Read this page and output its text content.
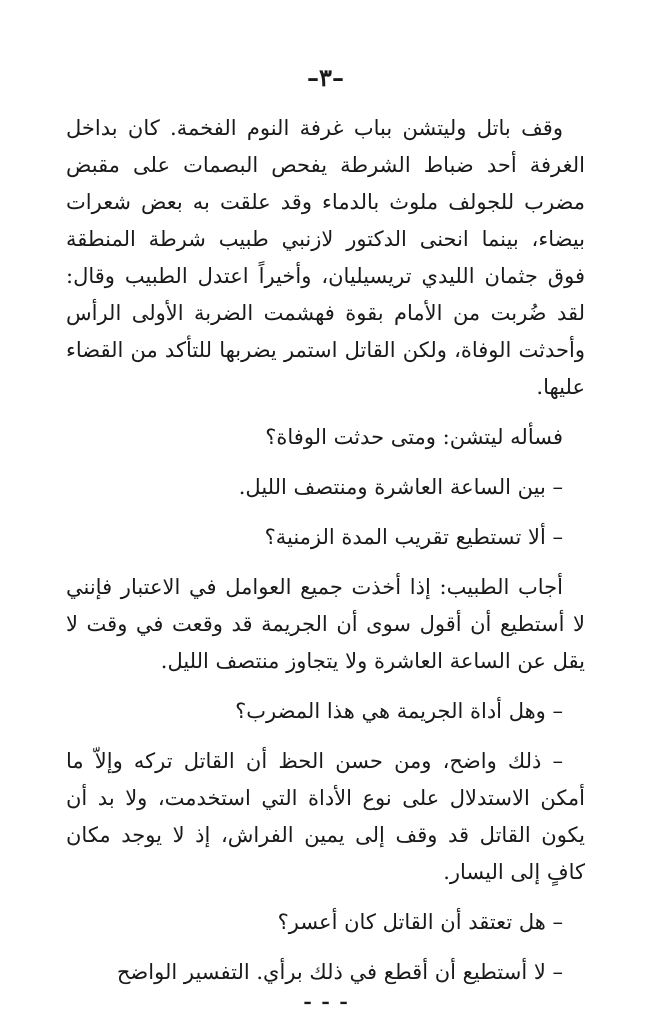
–٣–

وقف باتل وليتشن بباب غرفة النوم الفخمة. كان بداخل الغرفة أحد ضباط الشرطة يفحص البصمات على مقبض مضرب للجولف ملوث بالدماء وقد علقت به بعض شعرات بيضاء، بينما انحنى الدكتور لازنبي طبيب شرطة المنطقة فوق جثمان الليدي تريسيليان، وأخيراً اعتدل الطبيب وقال: لقد ضُربت من الأمام بقوة فهشمت الضربة الأولى الرأس وأحدثت الوفاة، ولكن القاتل استمر يضربها للتأكد من القضاء عليها.

فسأله ليتشن: ومتى حدثت الوفاة؟

– بين الساعة العاشرة ومنتصف الليل.

– ألا تستطيع تقريب المدة الزمنية؟

أجاب الطبيب: إذا أخذت جميع العوامل في الاعتبار فإنني لا أستطيع أن أقول سوى أن الجريمة قد وقعت في وقت لا يقل عن الساعة العاشرة ولا يتجاوز منتصف الليل.

– وهل أداة الجريمة هي هذا المضرب؟

– ذلك واضح، ومن حسن الحظ أن القاتل تركه وإلاّ ما أمكن الاستدلال على نوع الأداة التي استخدمت، ولا بد أن يكون القاتل قد وقف إلى يمين الفراش، إذ لا يوجد مكان كافٍ إلى اليسار.

– هل تعتقد أن القاتل كان أعسر؟

– لا أستطيع أن أقطع في ذلك برأي. التفسير الواضح

⁃ ⁃ ⁃
